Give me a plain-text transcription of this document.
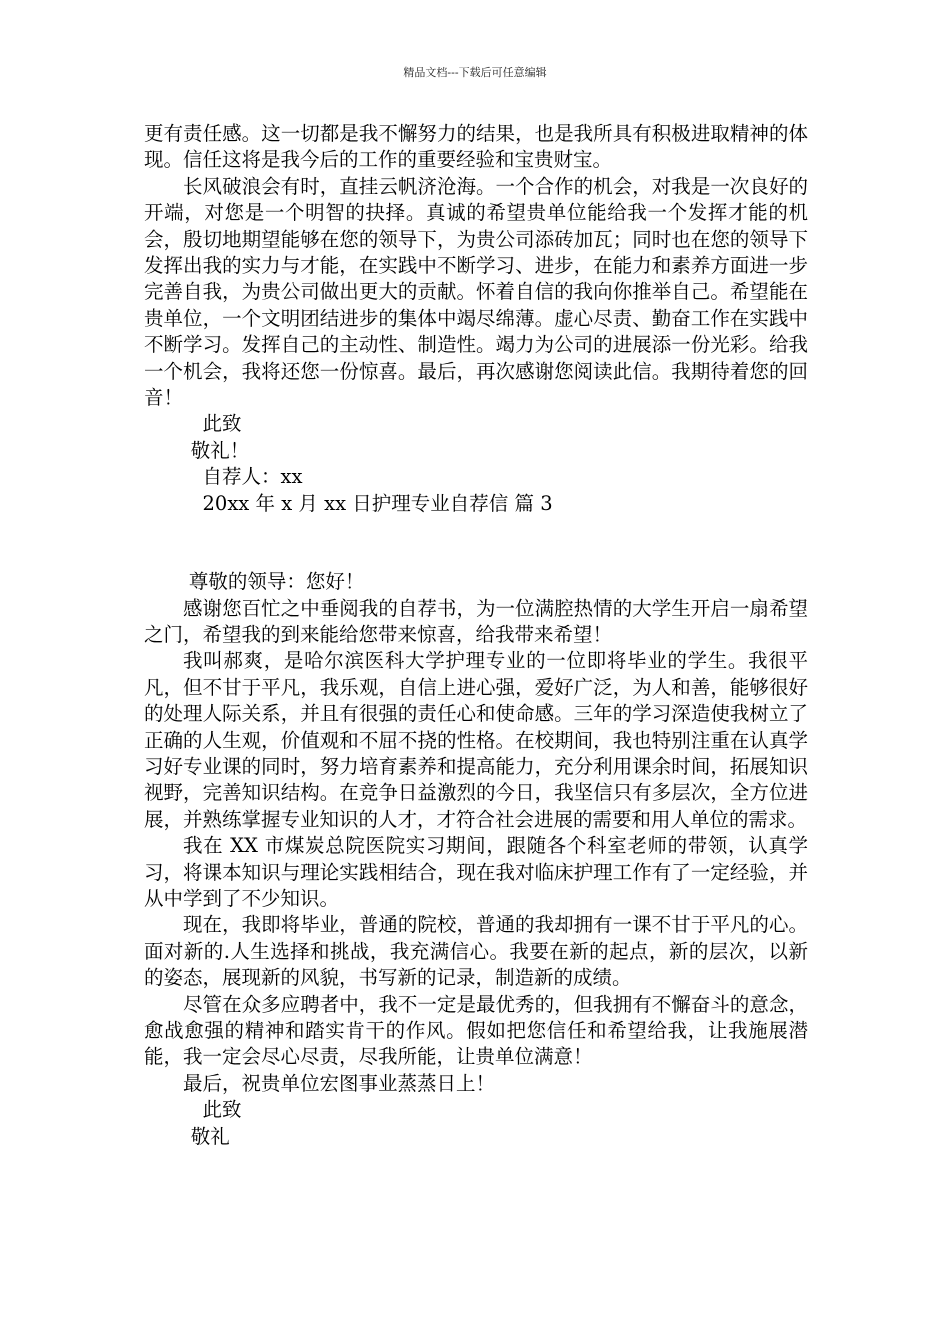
精品文档---下载后可任意编辑

更有责任感。这一切都是我不懈努力的结果，也是我所具有积极进取精神的体现。信任这将是我今后的工作的重要经验和宝贵财宝。

长风破浪会有时，直挂云帆济沧海。一个合作的机会，对我是一次良好的开端，对您是一个明智的抉择。真诚的希望贵单位能给我一个发挥才能的机会，殷切地期望能够在您的领导下，为贵公司添砖加瓦；同时也在您的领导下发挥出我的实力与才能，在实践中不断学习、进步，在能力和素养方面进一步完善自我，为贵公司做出更大的贡献。怀着自信的我向你推举自己。希望能在贵单位，一个文明团结进步的集体中竭尽绵薄。虚心尽责、勤奋工作在实践中不断学习。发挥自己的主动性、制造性。竭力为公司的进展添一份光彩。给我一个机会，我将还您一份惊喜。最后，再次感谢您阅读此信。我期待着您的回音！

此致

敬礼！

自荐人：xx

20xx 年 x 月 xx 日护理专业自荐信 篇 3

尊敬的领导：您好！

感谢您百忙之中垂阅我的自荐书，为一位满腔热情的大学生开启一扇希望之门，希望我的到来能给您带来惊喜，给我带来希望！

我叫郝爽，是哈尔滨医科大学护理专业的一位即将毕业的学生。我很平凡，但不甘于平凡，我乐观，自信上进心强，爱好广泛，为人和善，能够很好的处理人际关系，并且有很强的责任心和使命感。三年的学习深造使我树立了正确的人生观，价值观和不屈不挠的性格。在校期间，我也特别注重在认真学习好专业课的同时，努力培育素养和提高能力，充分利用课余时间，拓展知识视野，完善知识结构。在竞争日益激烈的今日，我坚信只有多层次，全方位进展，并熟练掌握专业知识的人才，才符合社会进展的需要和用人单位的需求。

我在 XX 市煤炭总院医院实习期间，跟随各个科室老师的带领，认真学习，将课本知识与理论实践相结合，现在我对临床护理工作有了一定经验，并从中学到了不少知识。

现在，我即将毕业，普通的院校，普通的我却拥有一课不甘于平凡的心。面对新的.人生选择和挑战，我充满信心。我要在新的起点，新的层次，以新的姿态，展现新的风貌，书写新的记录，制造新的成绩。

尽管在众多应聘者中，我不一定是最优秀的，但我拥有不懈奋斗的意念，愈战愈强的精神和踏实肯干的作风。假如把您信任和希望给我，让我施展潜能，我一定会尽心尽责，尽我所能，让贵单位满意！

最后，祝贵单位宏图事业蒸蒸日上！

此致

敬礼
